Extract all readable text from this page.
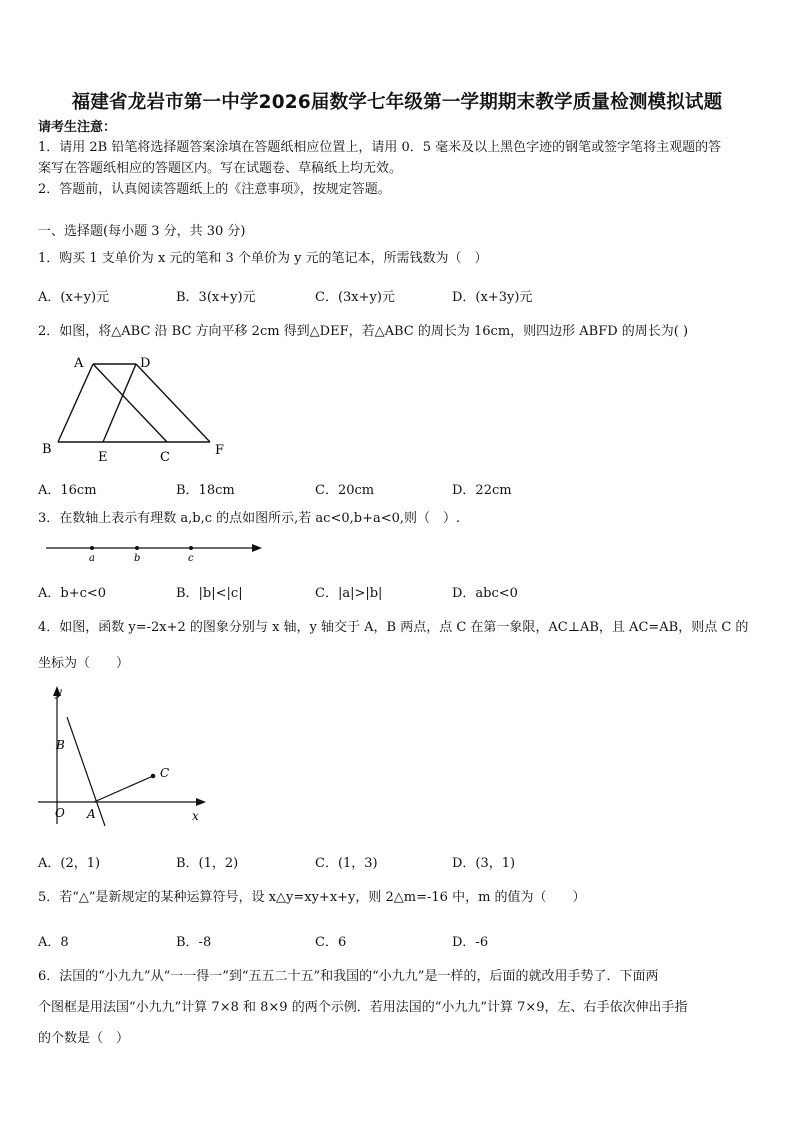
福建省龙岩市第一中学2026届数学七年级第一学期期末教学质量检测模拟试题
请考生注意：
1．请用 2B 铅笔将选择题答案涂填在答题纸相应位置上，请用 0．5 毫米及以上黑色字迹的钢笔或签字笔将主观题的答
案写在答题纸相应的答题区内。写在试题卷、草稿纸上均无效。
2．答题前，认真阅读答题纸上的《注意事项》，按规定答题。
一、选择题(每小题 3 分，共 30 分)
1．购买 1 支单价为 x 元的笔和 3 个单价为 y 元的笔记本，所需钱数为（　）
A．(x+y)元	B．3(x+y)元	C．(3x+y)元	D．(x+3y)元
2．如图，将△ABC 沿 BC 方向平移 2cm 得到△DEF，若△ABC 的周长为 16cm，则四边形 ABFD 的周长为( )
A	D
B
E	C	F
A．16cm	B．18cm	C．20cm	D．22cm
3．在数轴上表示有理数 a,b,c 的点如图所示,若 ac<0,b+a<0,则（　）.
a	b	c
A．b+c<0	B．|b|<|c|	C．|a|>|b|	D．abc<0
4．如图，函数 y=-2x+2 的图象分别与 x 轴，y 轴交于 A，B 两点，点 C 在第一象限，AC⊥AB，且 AC=AB，则点 C 的
坐标为（　　）
y
B
C
O A	x
A．(2，1)	B．(1，2)	C．(1，3)	D．(3，1)
5．若“△”是新规定的某种运算符号，设 x△y=xy+x+y，则 2△m=-16 中，m 的值为（　　）
A．8	B．-8	C．6	D．-6
6．法国的“小九九”从“一一得一”到“五五二十五”和我国的“小九九”是一样的，后面的就改用手势了．下面两
个图框是用法国“小九九”计算 7×8 和 8×9 的两个示例．若用法国的“小九九”计算 7×9，左、右手依次伸出手指
的个数是（　）
